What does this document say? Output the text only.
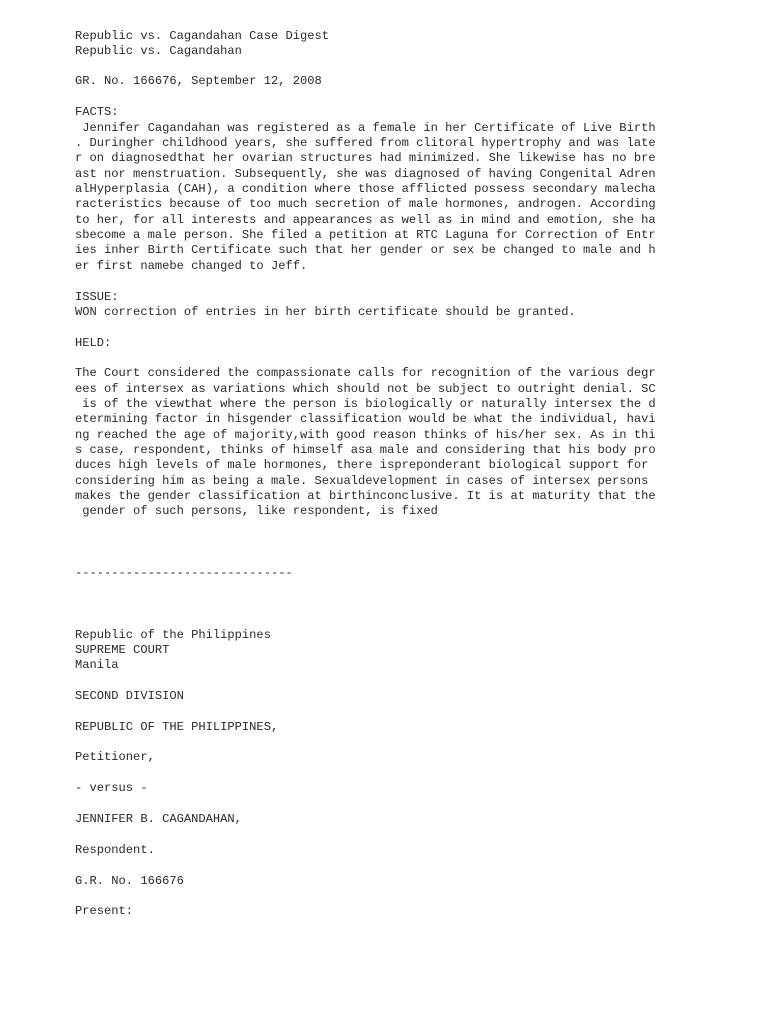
Republic vs. Cagandahan Case Digest
Republic vs. Cagandahan
GR. No. 166676, September 12, 2008
FACTS:
Jennifer Cagandahan was registered as a female in her Certificate of Live Birth
. Duringher childhood years, she suffered from clitoral hypertrophy and was late
r on diagnosedthat her ovarian structures had minimized. She likewise has no bre
ast nor menstruation. Subsequently, she was diagnosed of having Congenital Adren
alHyperplasia (CAH), a condition where those afflicted possess secondary malecha
racteristics because of too much secretion of male hormones, androgen. According
to her, for all interests and appearances as well as in mind and emotion, she ha
sbecome a male person. She filed a petition at RTC Laguna for Correction of Entr
ies inher Birth Certificate such that her gender or sex be changed to male and h
er first namebe changed to Jeff.
ISSUE:
WON correction of entries in her birth certificate should be granted.
HELD:
The Court considered the compassionate calls for recognition of the various degr
ees of intersex as variations which should not be subject to outright denial. SC
is of the viewthat where the person is biologically or naturally intersex the d
etermining factor in hisgender classification would be what the individual, havi
ng reached the age of majority,with good reason thinks of his/her sex. As in thi
s case, respondent, thinks of himself asa male and considering that his body pro
duces high levels of male hormones, there ispreponderant biological support for
considering him as being a male. Sexualdevelopment in cases of intersex persons
makes the gender classification at birthinconclusive. It is at maturity that the
gender of such persons, like respondent, is fixed
------------------------------
Republic of the Philippines
SUPREME COURT
Manila
SECOND DIVISION
REPUBLIC OF THE PHILIPPINES,
Petitioner,
- versus -
JENNIFER B. CAGANDAHAN,
Respondent.
G.R. No. 166676
Present:
